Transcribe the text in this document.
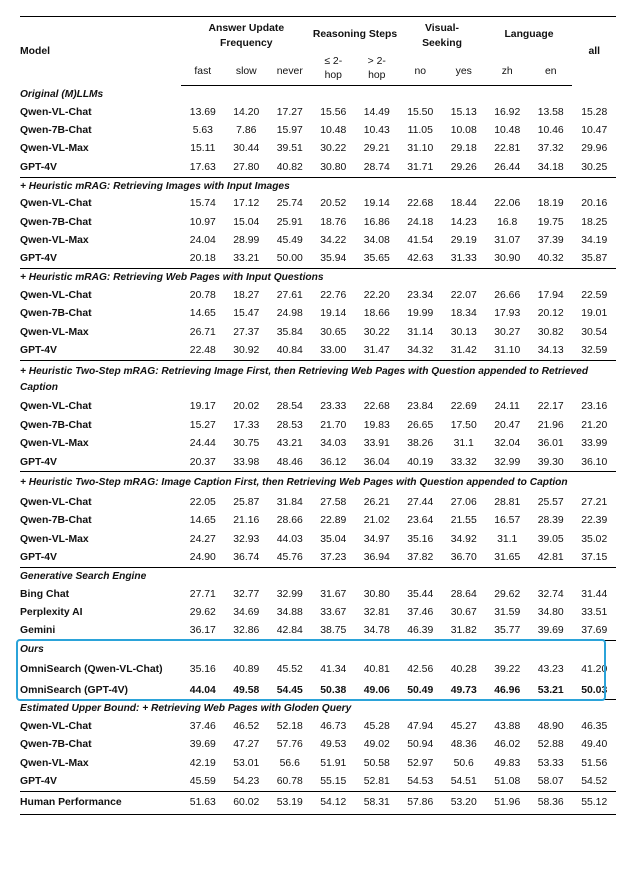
Model	Answer Update Frequency			Reasoning Steps		Visual-Seeking		Language		all
	fast	slow	never	≤ 2-hop	> 2-hop	no	yes	zh	en	
Original (M)LLMs										
Qwen-VL-Chat	13.69	14.20	17.27	15.56	14.49	15.50	15.13	16.92	13.58	15.28
Qwen-7B-Chat	5.63	7.86	15.97	10.48	10.43	11.05	10.08	10.48	10.46	10.47
Qwen-VL-Max	15.11	30.44	39.51	30.22	29.21	31.10	29.18	22.81	37.32	29.96
GPT-4V	17.63	27.80	40.82	30.80	28.74	31.71	29.26	26.44	34.18	30.25
+ Heuristic mRAG: Retrieving Images with Input Images										
Qwen-VL-Chat	15.74	17.12	25.74	20.52	19.14	22.68	18.44	22.06	18.19	20.16
Qwen-7B-Chat	10.97	15.04	25.91	18.76	16.86	24.18	14.23	16.8	19.75	18.25
Qwen-VL-Max	24.04	28.99	45.49	34.22	34.08	41.54	29.19	31.07	37.39	34.19
GPT-4V	20.18	33.21	50.00	35.94	35.65	42.63	31.33	30.90	40.32	35.87
+ Heuristic mRAG: Retrieving Web Pages with Input Questions										
Qwen-VL-Chat	20.78	18.27	27.61	22.76	22.20	23.34	22.07	26.66	17.94	22.59
Qwen-7B-Chat	14.65	15.47	24.98	19.14	18.66	19.99	18.34	17.93	20.12	19.01
Qwen-VL-Max	26.71	27.37	35.84	30.65	30.22	31.14	30.13	30.27	30.82	30.54
GPT-4V	22.48	30.92	40.84	33.00	31.47	34.32	31.42	31.10	34.13	32.59
+ Heuristic Two-Step mRAG: Retrieving Image First, then Retrieving Web Pages with Question appended to Retrieved Caption										
Qwen-VL-Chat	19.17	20.02	28.54	23.33	22.68	23.84	22.69	24.11	22.17	23.16
Qwen-7B-Chat	15.27	17.33	28.53	21.70	19.83	26.65	17.50	20.47	21.96	21.20
Qwen-VL-Max	24.44	30.75	43.21	34.03	33.91	38.26	31.1	32.04	36.01	33.99
GPT-4V	20.37	33.98	48.46	36.12	36.04	40.19	33.32	32.99	39.30	36.10
+ Heuristic Two-Step mRAG: Image Caption First, then Retrieving Web Pages with Question appended to Caption										
Qwen-VL-Chat	22.05	25.87	31.84	27.58	26.21	27.44	27.06	28.81	25.57	27.21
Qwen-7B-Chat	14.65	21.16	28.66	22.89	21.02	23.64	21.55	16.57	28.39	22.39
Qwen-VL-Max	24.27	32.93	44.03	35.04	34.97	35.16	34.92	31.1	39.05	35.02
GPT-4V	24.90	36.74	45.76	37.23	36.94	37.82	36.70	31.65	42.81	37.15
Generative Search Engine										
Bing Chat	27.71	32.77	32.99	31.67	30.80	35.44	28.64	29.62	32.74	31.44
Perplexity AI	29.62	34.69	34.88	33.67	32.81	37.46	30.67	31.59	34.80	33.51
Gemini	36.17	32.86	42.84	38.75	34.78	46.39	31.82	35.77	39.69	37.69
Ours										
OmniSearch (Qwen-VL-Chat)	35.16	40.89	45.52	41.34	40.81	42.56	40.28	39.22	43.23	41.20
OmniSearch (GPT-4V)	44.04	49.58	54.45	50.38	49.06	50.49	49.73	46.96	53.21	50.03
Estimated Upper Bound: + Retrieving Web Pages with Gloden Query										
Qwen-VL-Chat	37.46	46.52	52.18	46.73	45.28	47.94	45.27	43.88	48.90	46.35
Qwen-7B-Chat	39.69	47.27	57.76	49.53	49.02	50.94	48.36	46.02	52.88	49.40
Qwen-VL-Max	42.19	53.01	56.6	51.91	50.58	52.97	50.6	49.83	53.33	51.56
GPT-4V	45.59	54.23	60.78	55.15	52.81	54.53	54.51	51.08	58.07	54.52
Human Performance	51.63	60.02	53.19	54.12	58.31	57.86	53.20	51.96	58.36	55.12
